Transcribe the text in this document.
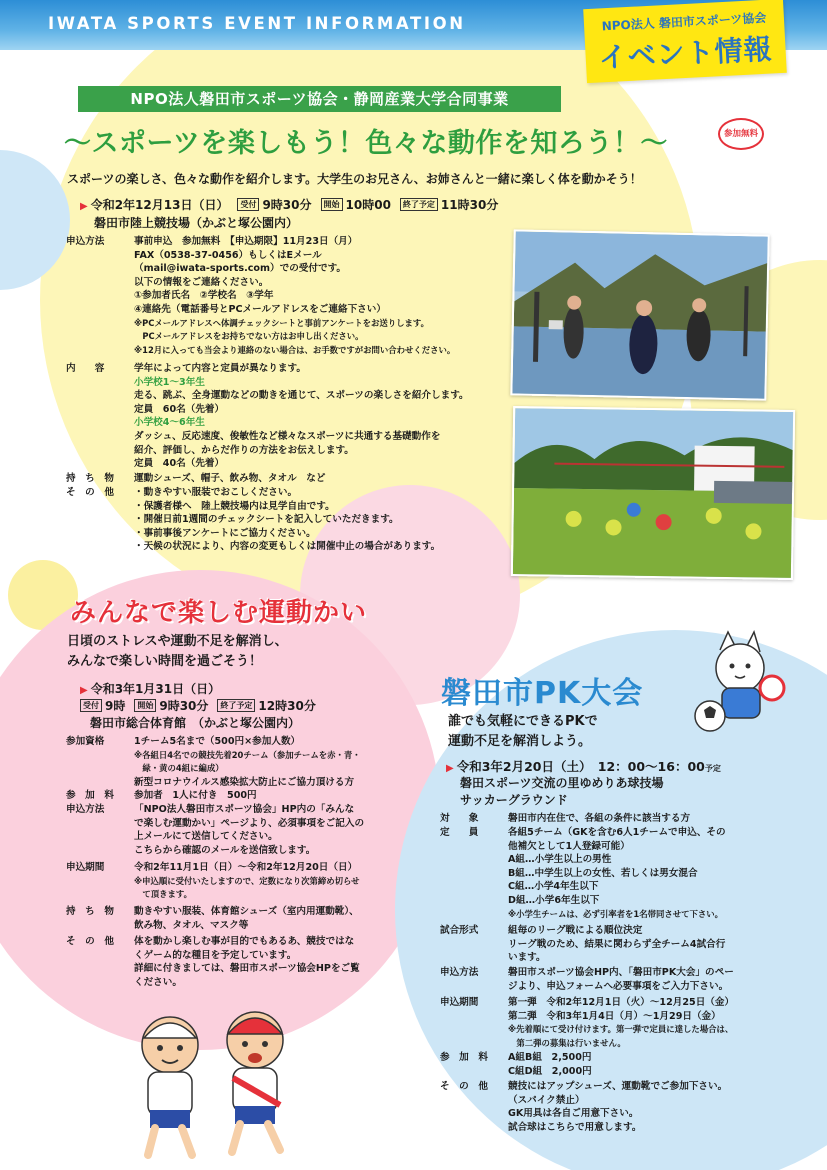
IWATA SPORTS EVENT INFORMATION	NPO法人 磐田市スポーツ協会
イベント情報
NPO法人磐田市スポーツ協会・静岡産業大学合同事業
〜スポーツを楽しもう！色々な動作を知ろう！〜	参加無料
スポーツの楽しさ、色々な動作を紹介します。大学生のお兄さん、お姉さんと一緒に楽しく体を動かそう！
▶ 令和2年12月13日（日） 受付 9時30分 開始 10時00 終了予定 11時30分
磐田市陸上競技場（かぶと塚公園内）
申込方法	事前申込　参加無料　【申込期限】11月23日（月）
FAX（0538-37-0456）もしくはEメール
（mail@iwata-sports.com）での受付です。
以下の情報をご連絡ください。
①参加者氏名　②学校名　③学年
④連絡先（電話番号とPCメールアドレスをご連絡下さい）
※PCメールアドレスへ体調チェックシートと事前アンケートをお送りします。
　PCメールアドレスをお持ちでない方はお申し出ください。
※12月に入っても当会より連絡のない場合は、お手数ですがお問い合わせください。
内　　容	学年によって内容と定員が異なります。
小学校1〜3年生
走る、跳ぶ、全身運動などの動きを通じて、スポーツの楽しさを紹介します。
定員　60名（先着）
小学校4〜6年生
ダッシュ、反応速度、俊敏性など様々なスポーツに共通する基礎動作を
紹介、評価し、からだ作りの方法をお伝えします。
定員　40名（先着）
持　ち　物	運動シューズ、帽子、飲み物、タオル　など
そ　の　他	・動きやすい服装でおこしください。
・保護者様へ　陸上競技場内は見学自由です。
・開催日前1週間のチェックシートを記入していただきます。
・事前事後アンケートにご協力ください。
・天候の状況により、内容の変更もしくは開催中止の場合があります。
みんなで楽しむ運動かい
日頃のストレスや運動不足を解消し、
みんなで楽しい時間を過ごそう！
▶ 令和3年1月31日（日）
受付 9時 開始 9時30分 終了予定 12時30分
磐田市総合体育館　（かぶと塚公園内）
参加資格	1チーム5名まで（500円×参加人数）
※各組日4名での競技先着20チーム（参加チームを赤・青・
　緑・黄の4組に編成）
新型コロナウイルス感染拡大防止にご協力頂ける方
参　加　料	参加者　1人に付き　500円
申込方法	「NPO法人磐田市スポーツ協会」HP内の「みんな
で楽しむ運動かい」ページより、必須事項をご記入の
上メールにて送信してください。
こちらから確認のメールを送信致します。
申込期間	令和2年11月1日（日）〜令和2年12月20日（日）
※申込順に受付いたしますので、定数になり次第締め切らせ
　て頂きます。
持　ち　物	動きやすい服装、体育館シューズ（室内用運動靴）、
飲み物、タオル、マスク等
そ　の　他	体を動かし楽しむ事が目的でもあるあ、競技ではな
くゲーム的な種目を予定しています。
詳細に付きましては、磐田市スポーツ協会HPをご覧
ください。
磐田市PK大会
誰でも気軽にできるPKで
運動不足を解消しよう。
▶ 令和3年2月20日（土）　 12：00〜16：00予定
磐田スポーツ交流の里ゆめりあ球技場
サッカーグラウンド
対　　象	磐田市内在住で、各組の条件に該当する方
定　　員	各組5チーム（GKを含む6人1チームで申込、その
他補欠として1人登録可能）
A組…小学生以上の男性
B組…中学生以上の女性、若しくは男女混合
C組…小学4年生以下
D組…小学6年生以下
※小学生チームは、必ず引率者を1名帯同させて下さい。
試合形式	組毎のリーグ戦による順位決定
リーグ戦のため、結果に関わらず全チーム4試合行
います。
申込方法	磐田市スポーツ協会HP内、「磐田市PK大会」のペー
ジより、申込フォームへ必要事項をご入力下さい。
申込期間	第一弾　令和2年12月1日（火）〜12月25日（金）
第二弾　令和3年1月4日（月）〜1月29日（金）
※先着順にて受け付けます。第一弾で定員に達した場合は、
　第二弾の募集は行いません。
参　加　料	A組B組　2,500円
C組D組　2,000円
そ　の　他	競技にはアップシューズ、運動靴でご参加下さい。
（スパイク禁止）
GK用具は各自ご用意下さい。
試合球はこちらで用意します。
